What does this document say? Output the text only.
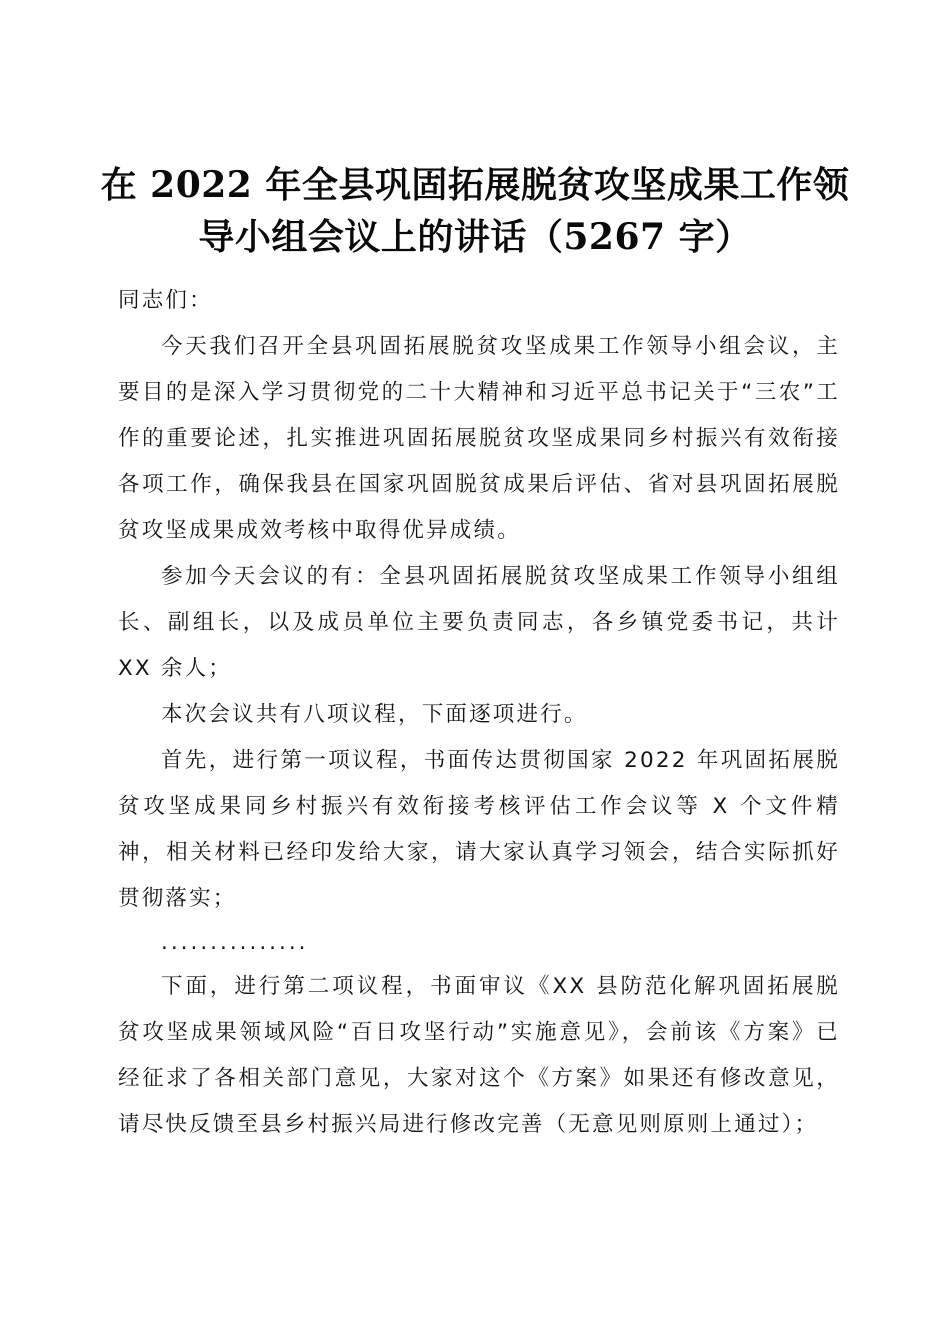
在 2022 年全县巩固拓展脱贫攻坚成果工作领
导小组会议上的讲话（5267 字）

同志们：

今天我们召开全县巩固拓展脱贫攻坚成果工作领导小组会议，主要目的是深入学习贯彻党的二十大精神和习近平总书记关于“三农”工作的重要论述，扎实推进巩固拓展脱贫攻坚成果同乡村振兴有效衔接各项工作，确保我县在国家巩固脱贫成果后评估、省对县巩固拓展脱贫攻坚成果成效考核中取得优异成绩。

参加今天会议的有：全县巩固拓展脱贫攻坚成果工作领导小组组长、副组长，以及成员单位主要负责同志，各乡镇党委书记，共计 XX 余人；

本次会议共有八项议程，下面逐项进行。

首先，进行第一项议程，书面传达贯彻国家 2022 年巩固拓展脱贫攻坚成果同乡村振兴有效衔接考核评估工作会议等 X 个文件精神，相关材料已经印发给大家，请大家认真学习领会，结合实际抓好贯彻落实；

...............

下面，进行第二项议程，书面审议《XX 县防范化解巩固拓展脱贫攻坚成果领域风险“百日攻坚行动”实施意见》，会前该《方案》已经征求了各相关部门意见，大家对这个《方案》如果还有修改意见，请尽快反馈至县乡村振兴局进行修改完善（无意见则原则上通过）；
